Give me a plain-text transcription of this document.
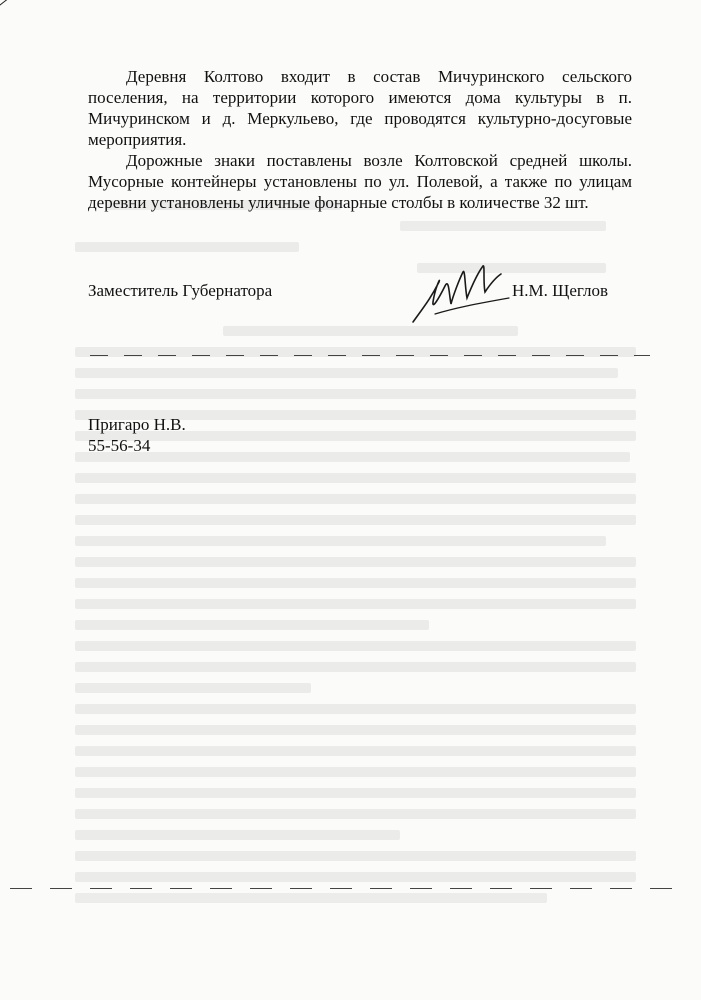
Деревня Колтово входит в состав Мичуринского сельского поселения, на территории которого имеются дома культуры в п. Мичуринском и д. Меркульево, где проводятся культурно-досуговые мероприятия.

Дорожные знаки поставлены возле Колтовской средней школы. Мусорные контейнеры установлены по ул. Полевой, а также по улицам деревни установлены уличные фонарные столбы в количестве 32 шт.

Заместитель Губернатора	Н.М. Щеглов
Пригаро Н.В.
55-56-34
